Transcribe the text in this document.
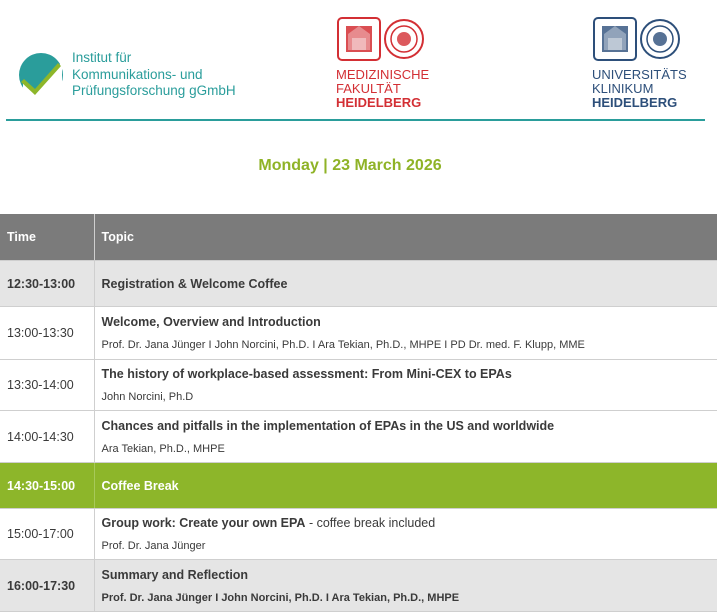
Institut für
Kommunikations- und
Prüfungsforschung gGmbH
MEDIZINISCHE
FAKULTÄT
HEIDELBERG
UNIVERSITÄTS
KLINIKUM
HEIDELBERG
Monday | 23 March 2026
Time	Topic
12:30-13:00	Registration & Welcome Coffee
13:00-13:30	Welcome, Overview and Introduction
Prof. Dr. Jana Jünger I John Norcini, Ph.D. I Ara Tekian, Ph.D., MHPE I PD Dr. med. F. Klupp, MME

13:30-14:00	The history of workplace-based assessment: From Mini-CEX to EPAs
John Norcini, Ph.D

14:00-14:30	Chances and pitfalls in the implementation of EPAs in the US and worldwide
Ara Tekian, Ph.D., MHPE

14:30-15:00	Coffee Break
15:00-17:00	Group work: Create your own EPA - coffee break included
Prof. Dr. Jana Jünger

16:00-17:30	Summary and Reflection
Prof. Dr. Jana Jünger I John Norcini, Ph.D. I Ara Tekian, Ph.D., MHPE
